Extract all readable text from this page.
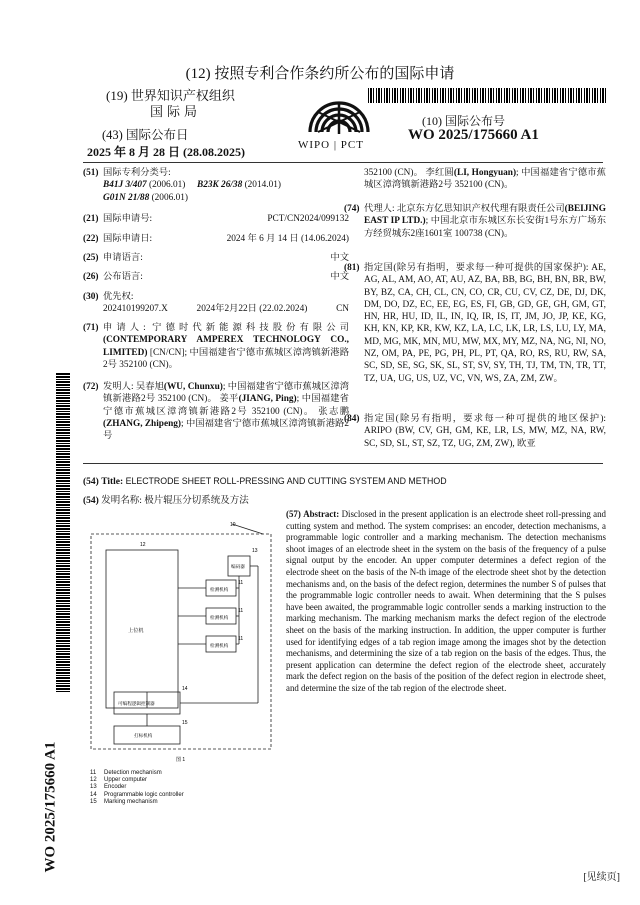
(12) 按照专利合作条约所公布的国际申请
(19) 世界知识产权组织
国际局
(43) 国际公布日
2025 年 8 月 28 日 (28.08.2025)
(10) 国际公布号
WO 2025/175660 A1
WIPO | PCT
WO 2025/175660 A1
(51) 国际专利分类号:
B41J 3/407 (2006.01) B23K 26/38 (2014.01)
G01N 21/88 (2006.01)
(21) 国际申请号:	PCT/CN2024/099132
(22) 国际申请日:	2024 年 6 月 14 日 (14.06.2024)
(25) 申请语言:	中文
(26) 公布语言:	中文
(30) 优先权:
202410199207.X	2024年2月22日 (22.02.2024)	CN
(71) 申请人: 宁德时代新能源科技股份有限公司 (CONTEMPORARY AMPEREX TECHNOLOGY CO., LIMITED) [CN/CN]; 中国福建省宁德市蕉城区漳湾镇新港路2号 352100 (CN)。
(72) 发明人: 吴春旭(WU, Chunxu); 中国福建省宁德市蕉城区漳湾镇新港路2号 352100 (CN)。 姜平(JIANG, Ping); 中国福建省宁德市蕉城区漳湾镇新港路2号 352100 (CN)。 张志鹏(ZHANG, Zhipeng); 中国福建省宁德市蕉城区漳湾镇新港路2号
352100 (CN)。 李红圆(LI, Hongyuan); 中国福建省宁德市蕉城区漳湾镇新港路2号 352100 (CN)。
(74) 代理人: 北京东方亿思知识产权代理有限责任公司(BEIJING EAST IP LTD.); 中国北京市东城区东长安街1号东方广场东方经贸城东2座1601室 100738 (CN)。
(81) 指定国(除另有指明，要求每一种可提供的国家保护): AE, AG, AL, AM, AO, AT, AU, AZ, BA, BB, BG, BH, BN, BR, BW, BY, BZ, CA, CH, CL, CN, CO, CR, CU, CV, CZ, DE, DJ, DK, DM, DO, DZ, EC, EE, EG, ES, FI, GB, GD, GE, GH, GM, GT, HN, HR, HU, ID, IL, IN, IQ, IR, IS, IT, JM, JO, JP, KE, KG, KH, KN, KP, KR, KW, KZ, LA, LC, LK, LR, LS, LU, LY, MA, MD, MG, MK, MN, MU, MW, MX, MY, MZ, NA, NG, NI, NO, NZ, OM, PA, PE, PG, PH, PL, PT, QA, RO, RS, RU, RW, SA, SC, SD, SE, SG, SK, SL, ST, SV, SY, TH, TJ, TM, TN, TR, TT, TZ, UA, UG, US, UZ, VC, VN, WS, ZA, ZM, ZW。
(84) 指定国(除另有指明，要求每一种可提供的地区保护): ARIPO (BW, CV, GH, GM, KE, LR, LS, MW, MZ, NA, RW, SC, SD, SL, ST, SZ, TZ, UG, ZM, ZW), 欧亚
(54) Title: ELECTRODE SHEET ROLL-PRESSING AND CUTTING SYSTEM AND METHOD
(54) 发明名称: 极片辊压分切系统及方法
10
12
13
11
11
11
14
15
编码器
上位机
检测机构
检测机构
检测机构
可编程逻辑控制器
打标机构
图 1
11 Detection mechanism
12 Upper computer
13 Encoder
14 Programmable logic controller
15 Marking mechanism
(57) Abstract: Disclosed in the present application is an electrode sheet roll-pressing and cutting system and method. The system comprises: an encoder, detection mechanisms, a programmable logic controller and a marking mechanism. The detection mechanisms shoot images of an electrode sheet in the system on the basis of the frequency of a pulse signal output by the encoder. An upper computer determines a defect region of the electrode sheet on the basis of the N-th image of the electrode sheet shot by the detection mechanisms and, on the basis of the defect region, determines the number S of pulses that the programmable logic controller needs to await. When determining that the S pulses have been awaited, the programmable logic controller sends a marking instruction to the marking mechanism. The marking mechanism marks the defect region of the electrode sheet on the basis of the marking instruction. In addition, the upper computer is further used for identifying edges of a tab region image among the images shot by the detection mechanisms, and determining the size of a tab region on the basis of the edges. Thus, the present application can determine the defect region of the electrode sheet, accurately mark the defect region on the basis of the position of the defect region in electrode sheet, and determine the size of the tab region of the electrode sheet.
[见续页]
